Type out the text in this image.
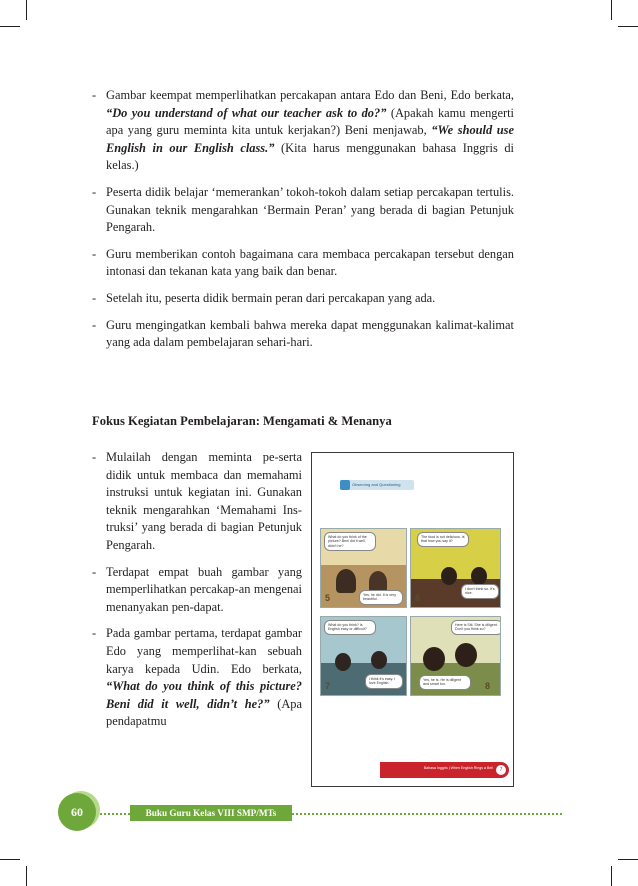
- Gambar keempat memperlihatkan percakapan antara Edo dan Beni, Edo berkata, “Do you understand of what our teacher ask to do?” (Apakah kamu mengerti apa yang guru meminta kita untuk kerjakan?) Beni menjawab, “We should use English in our English class.” (Kita harus menggunakan bahasa Inggris di kelas.)
- Peserta didik belajar ‘memerankan’ tokoh-tokoh dalam setiap percakapan tertulis. Gunakan teknik mengarahkan ‘Bermain Peran’ yang berada di bagian Petunjuk Pengarah.
- Guru memberikan contoh bagaimana cara membaca percakapan tersebut dengan intonasi dan tekanan kata yang baik dan benar.
- Setelah itu, peserta didik bermain peran dari percakapan yang ada.
- Guru mengingatkan kembali bahwa mereka dapat menggunakan kalimat-kalimat yang ada dalam pembelajaran sehari-hari.
Fokus Kegiatan Pembelajaran: Mengamati & Menanya
- Mulailah dengan meminta pe-serta didik untuk membaca dan memahami instruksi untuk kegiatan ini. Gunakan teknik mengarahkan ‘Memahami Ins-truksi’ yang berada di bagian Petunjuk Pengarah.
- Terdapat empat buah gambar yang memperlihatkan percakap-an mengenai menanyakan pen-dapat.
- Pada gambar pertama, terdapat gambar Edo yang memperlihat-kan sebuah karya kepada Udin. Edo berkata, “What do you think of this picture? Beni did it well, didn’t he?” (Apa pendapatmu
Observing and Questioning
What do you think of the picture? Beni did it well, didn't he?
Yes, he did. It is very beautiful.
5
The food is not delicious. Is that how you say it?
I don't think so. It's nice.
6
What do you think? Is English easy or difficult?
I think it's easy. I love English.
7
Here is Siti. She is diligent. Don't you think so?
Yes, he is. He is diligent and smart too.	8
Bahasa Inggris | When English Rings a Bell	7
60	Buku Guru Kelas VIII SMP/MTs
